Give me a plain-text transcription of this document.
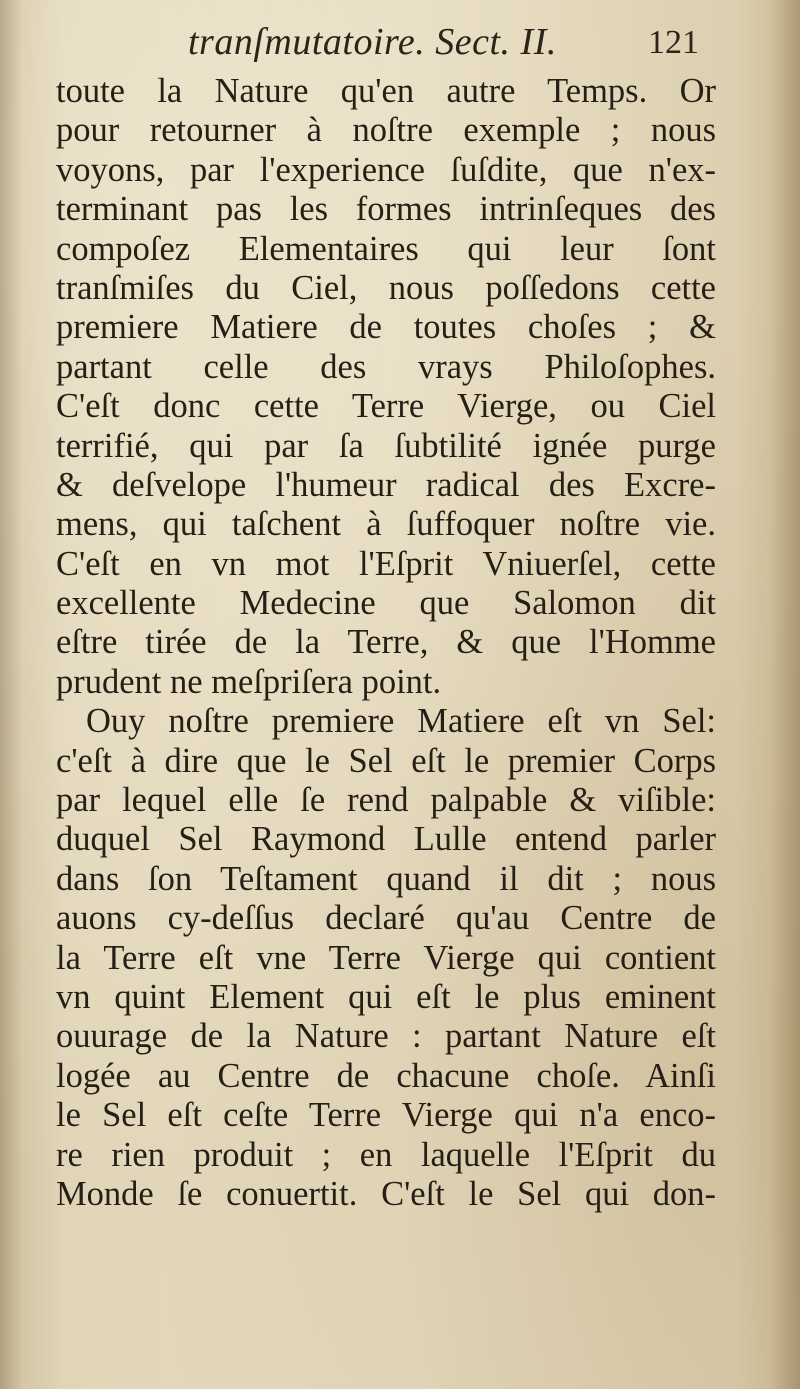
tranſmutatoire. Sect. II.	121
toute la Nature qu'en autre Temps. Or
pour retourner à noſtre exemple ; nous
voyons, par l'experience ſuſdite, que n'ex-
terminant pas les formes intrinſeques des
compoſez Elementaires qui leur ſont
tranſmiſes du Ciel, nous poſſedons cette
premiere Matiere de toutes choſes ; &
partant celle des vrays Philoſophes.
C'eſt donc cette Terre Vierge, ou Ciel
terrifié, qui par ſa ſubtilité ignée purge
& deſvelope l'humeur radical des Excre-
mens, qui taſchent à ſuffoquer noſtre vie.
C'eſt en vn mot l'Eſprit Vniuerſel, cette
excellente Medecine que Salomon dit
eſtre tirée de la Terre, & que l'Homme
prudent ne meſpriſera point.
Ouy noſtre premiere Matiere eſt vn Sel:
c'eſt à dire que le Sel eſt le premier Corps
par lequel elle ſe rend palpable & viſible:
duquel Sel Raymond Lulle entend parler
dans ſon Teſtament quand il dit ; nous
auons cy-deſſus declaré qu'au Centre de
la Terre eſt vne Terre Vierge qui contient
vn quint Element qui eſt le plus eminent
ouurage de la Nature : partant Nature eſt
logée au Centre de chacune choſe. Ainſi
le Sel eſt ceſte Terre Vierge qui n'a enco-
re rien produit ; en laquelle l'Eſprit du
Monde ſe conuertit. C'eſt le Sel qui don-
